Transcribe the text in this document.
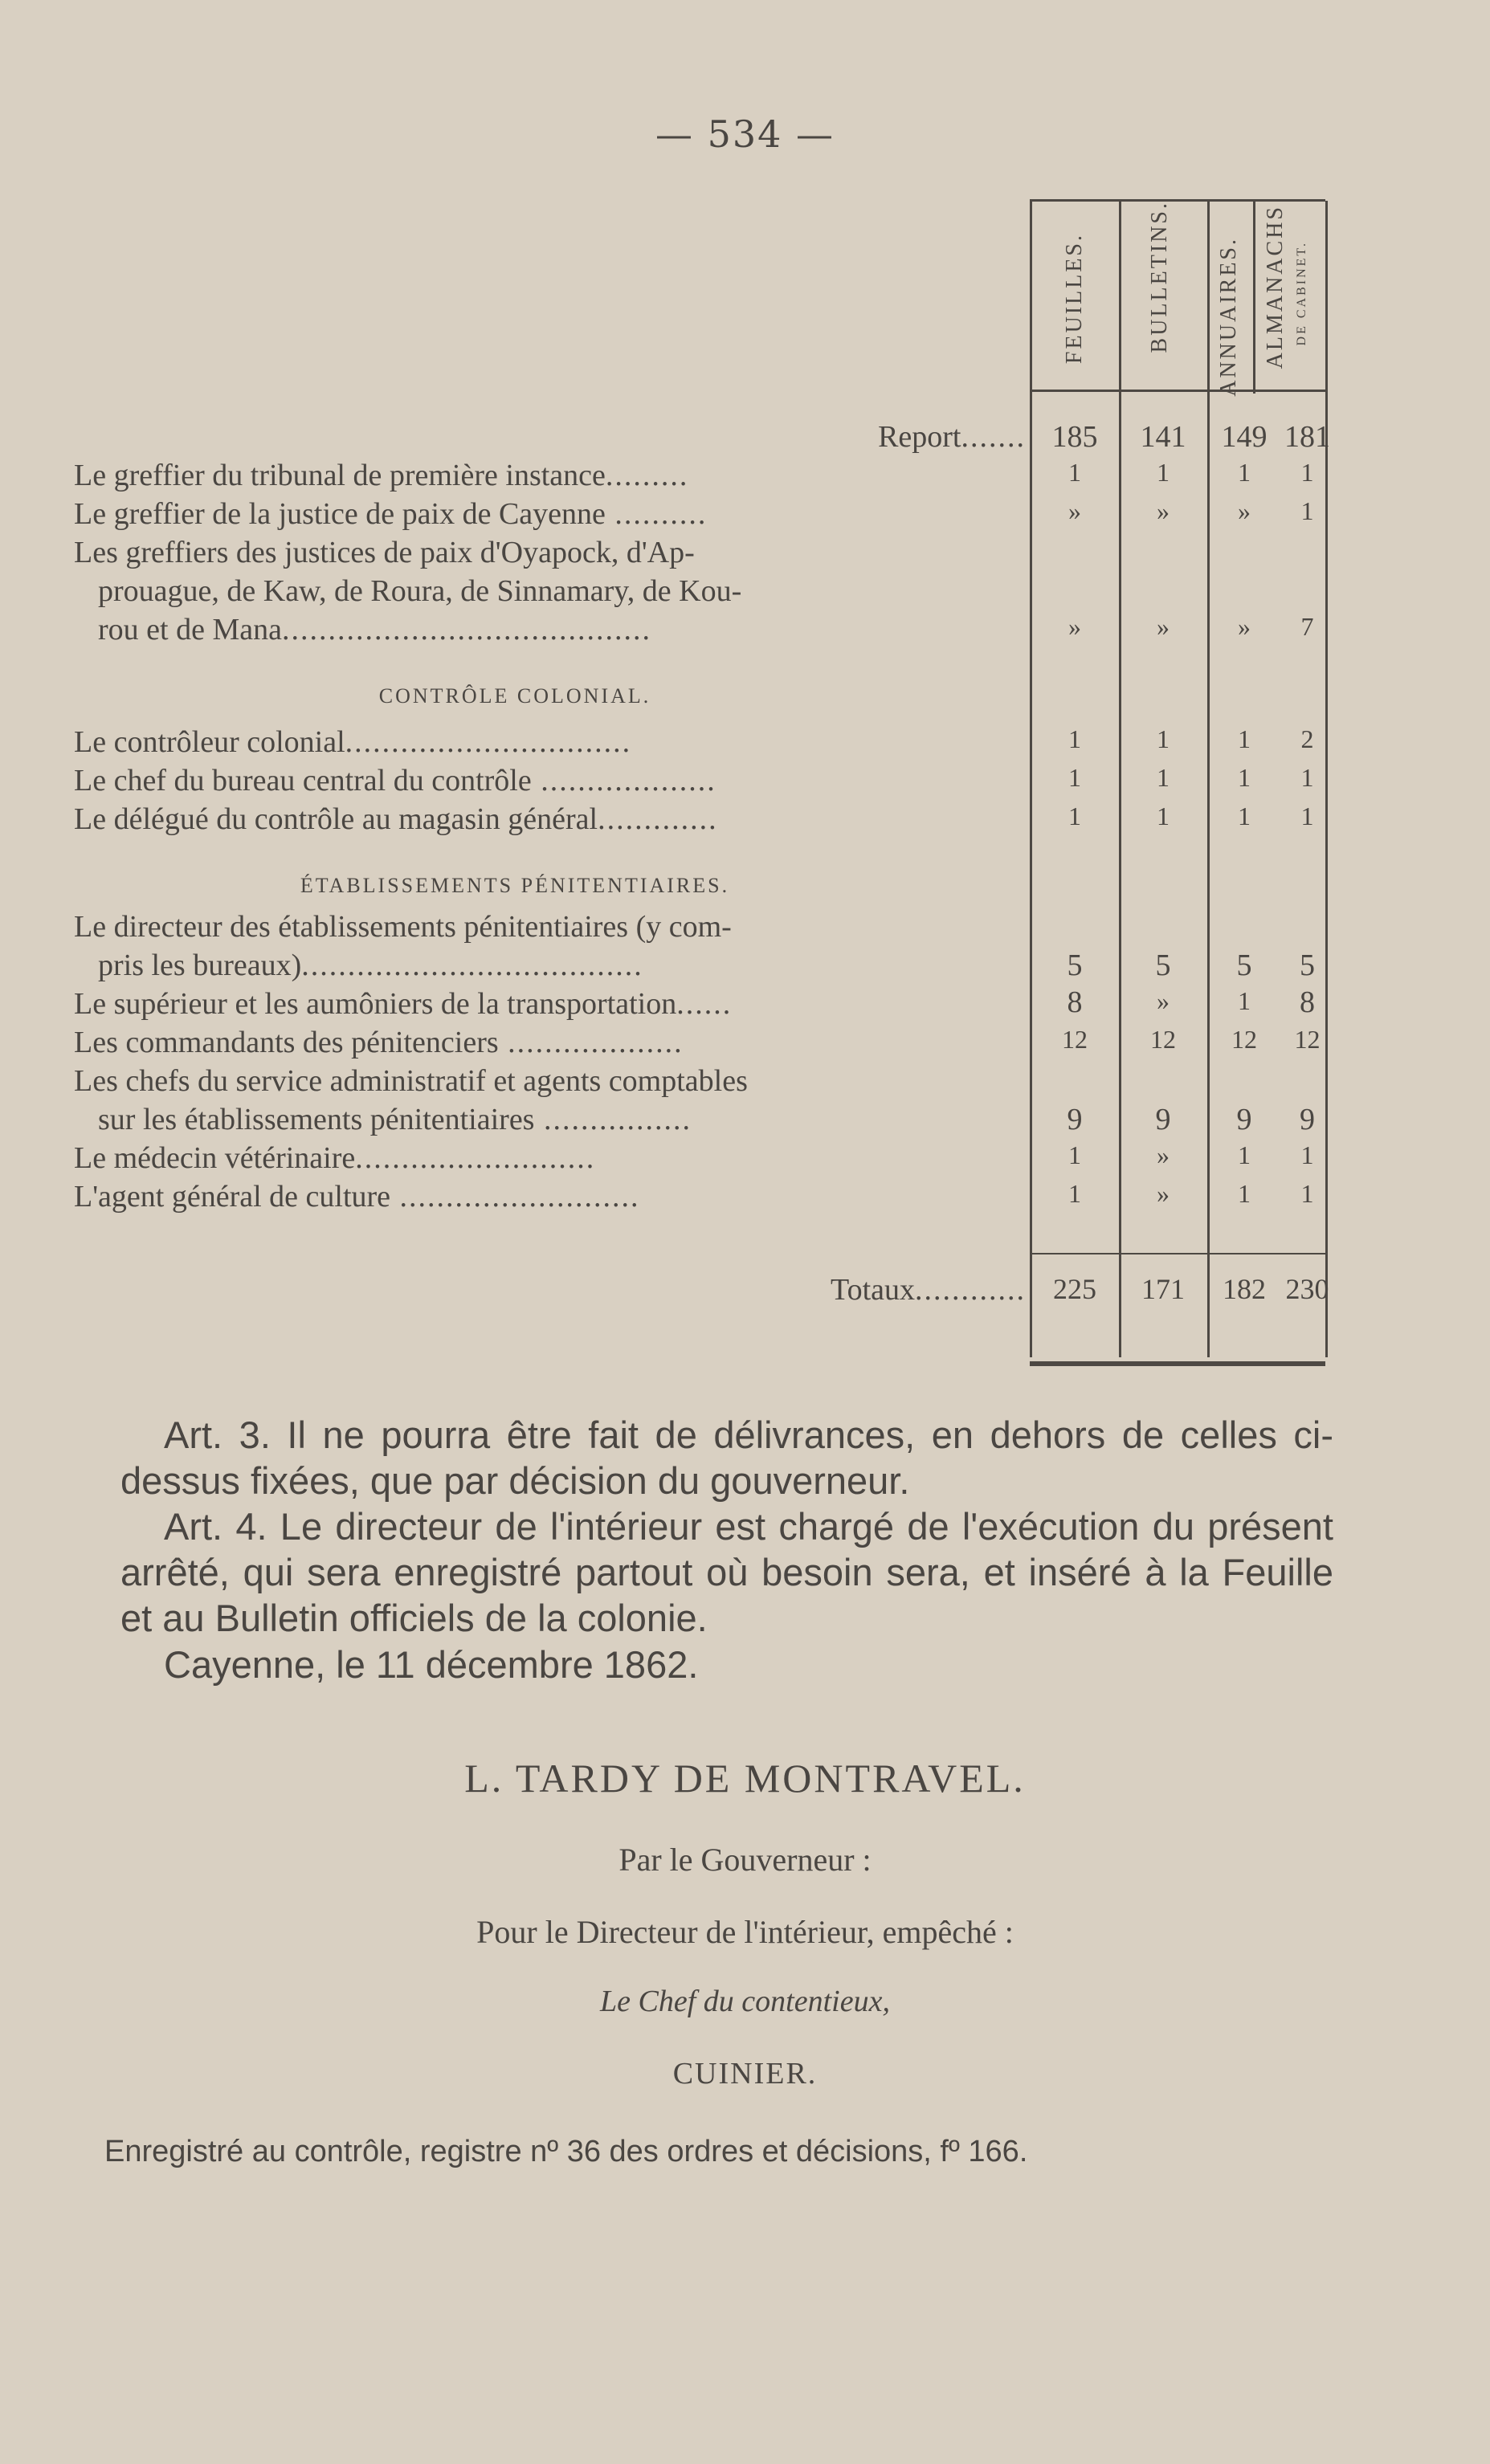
— 534 —
FEUILLES.	BULLETINS. ANNUAIRES. ALMANACHS DE CABINET.
Report....... 185	141	149 181
Le greffier du tribunal de première instance.........	1	1	1	1
Le greffier de la justice de paix de Cayenne ..........	»	»	»	1
Les greffiers des justices de paix d'Oyapock, d'Ap-
prouague, de Kaw, de Roura, de Sinnamary, de Kou-
rou et de Mana........................................	»	»	»	7
CONTRÔLE COLONIAL.
Le contrôleur colonial...............................	1	1	1	2
Le chef du bureau central du contrôle ...................	1	1	1	1
Le délégué du contrôle au magasin général.............	1	1	1	1
ÉTABLISSEMENTS PÉNITENTIAIRES.
Le directeur des établissements pénitentiaires (y com-
pris les bureaux).....................................	5	5	5	5
Le supérieur et les aumôniers de la transportation......	8	»	1	8
Les commandants des pénitenciers ...................	12	12	12	12
Les chefs du service administratif et agents comptables
sur les établissements pénitentiaires ................	9	9	9	9
Le médecin vétérinaire..........................	1	»	1	1
L'agent général de culture ..........................	1	»	1	1
Totaux............ 225	171	182 230
Art. 3. Il ne pourra être fait de délivrances, en dehors de celles ci-dessus fixées, que par décision du gouverneur.
Art. 4. Le directeur de l'intérieur est chargé de l'exécution du présent arrêté, qui sera enregistré partout où besoin sera, et inséré à la Feuille et au Bulletin officiels de la colonie.
Cayenne, le 11 décembre 1862.
L. TARDY DE MONTRAVEL.
Par le Gouverneur :
Pour le Directeur de l'intérieur, empêché :
Le Chef du contentieux,
CUINIER.
Enregistré au contrôle, registre nº 36 des ordres et décisions, fº 166.
